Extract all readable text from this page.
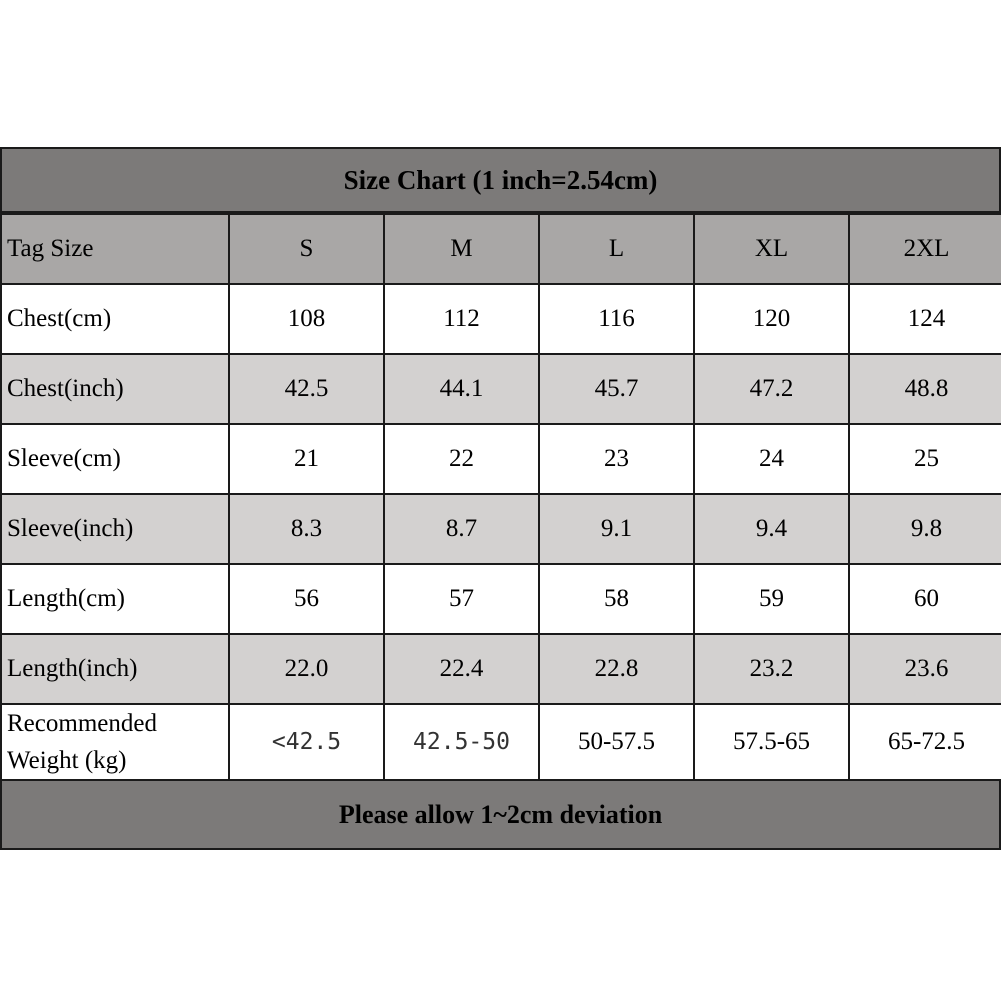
Size Chart (1 inch=2.54cm)
Tag Size	S	M	L	XL	2XL
Chest(cm)	108	112	116	120	124
Chest(inch)	42.5	44.1	45.7	47.2	48.8
Sleeve(cm)	21	22	23	24	25
Sleeve(inch)	8.3	8.7	9.1	9.4	9.8
Length(cm)	56	57	58	59	60
Length(inch)	22.0	22.4	22.8	23.2	23.6
Recommended
Weight (kg)	<42.5	42.5-50	50-57.5	57.5-65	65-72.5
Please allow 1~2cm deviation
